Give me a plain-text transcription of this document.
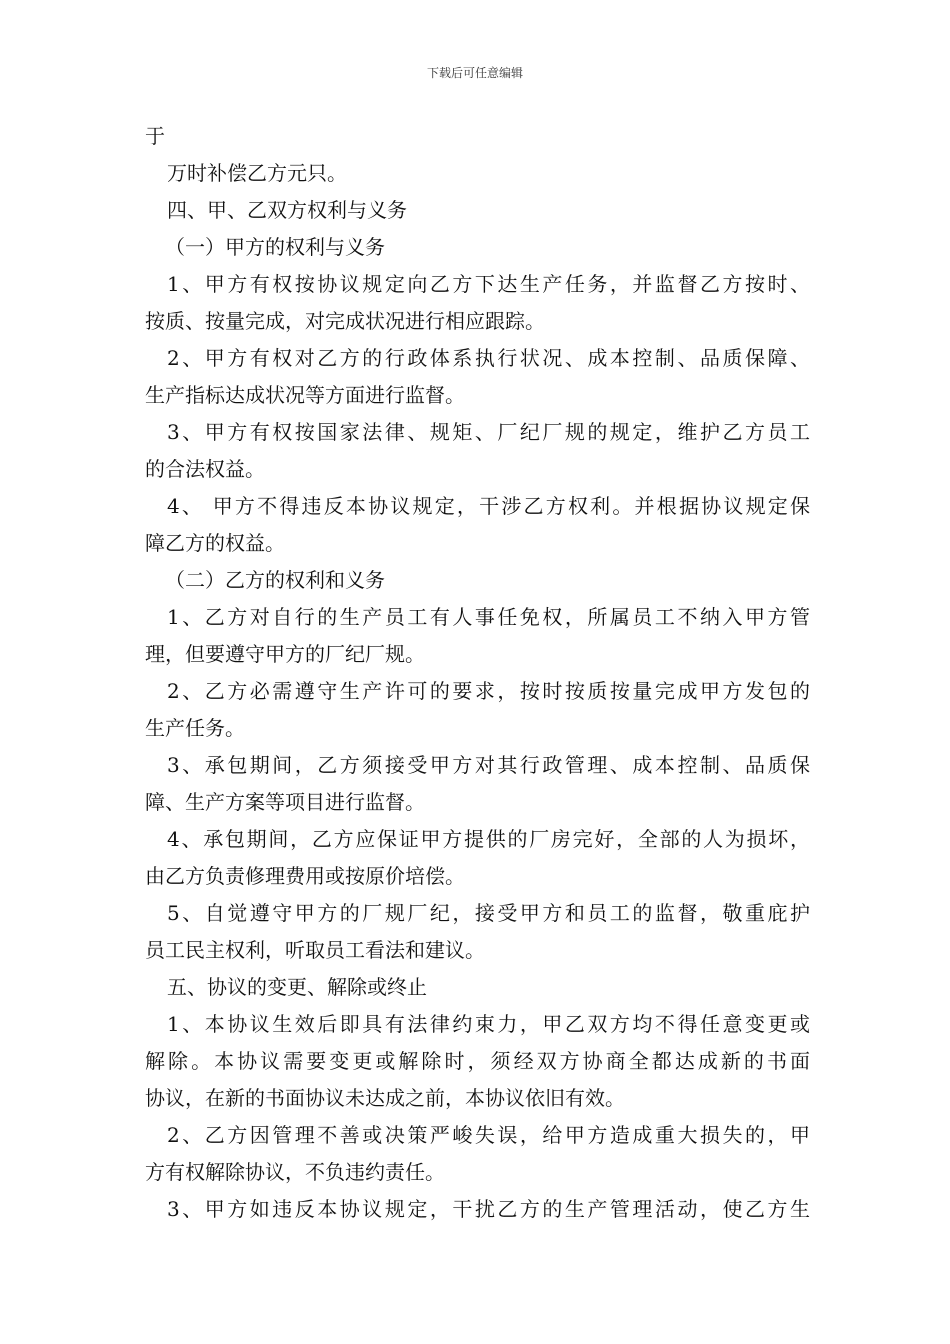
下载后可任意编辑
于
万时补偿乙方元只。
四、甲、乙双方权利与义务
（一）甲方的权利与义务
1、甲方有权按协议规定向乙方下达生产任务，并监督乙方按时、
按质、按量完成，对完成状况进行相应跟踪。
2、甲方有权对乙方的行政体系执行状况、成本控制、品质保障、
生产指标达成状况等方面进行监督。
3、甲方有权按国家法律、规矩、厂纪厂规的规定，维护乙方员工
的合法权益。
4、 甲方不得违反本协议规定，干涉乙方权利。并根据协议规定保
障乙方的权益。
（二）乙方的权利和义务
1、乙方对自行的生产员工有人事任免权，所属员工不纳入甲方管
理，但要遵守甲方的厂纪厂规。
2、乙方必需遵守生产许可的要求，按时按质按量完成甲方发包的
生产任务。
3、承包期间，乙方须接受甲方对其行政管理、成本控制、品质保
障、生产方案等项目进行监督。
4、承包期间，乙方应保证甲方提供的厂房完好，全部的人为损坏，
由乙方负责修理费用或按原价培偿。
5、自觉遵守甲方的厂规厂纪，接受甲方和员工的监督，敬重庇护
员工民主权利，听取员工看法和建议。
五、协议的变更、解除或终止
1、本协议生效后即具有法律约束力，甲乙双方均不得任意变更或
解除。本协议需要变更或解除时，须经双方协商全都达成新的书面
协议，在新的书面协议未达成之前，本协议依旧有效。
2、乙方因管理不善或决策严峻失误，给甲方造成重大损失的，甲
方有权解除协议，不负违约责任。
3、甲方如违反本协议规定，干扰乙方的生产管理活动，使乙方生
